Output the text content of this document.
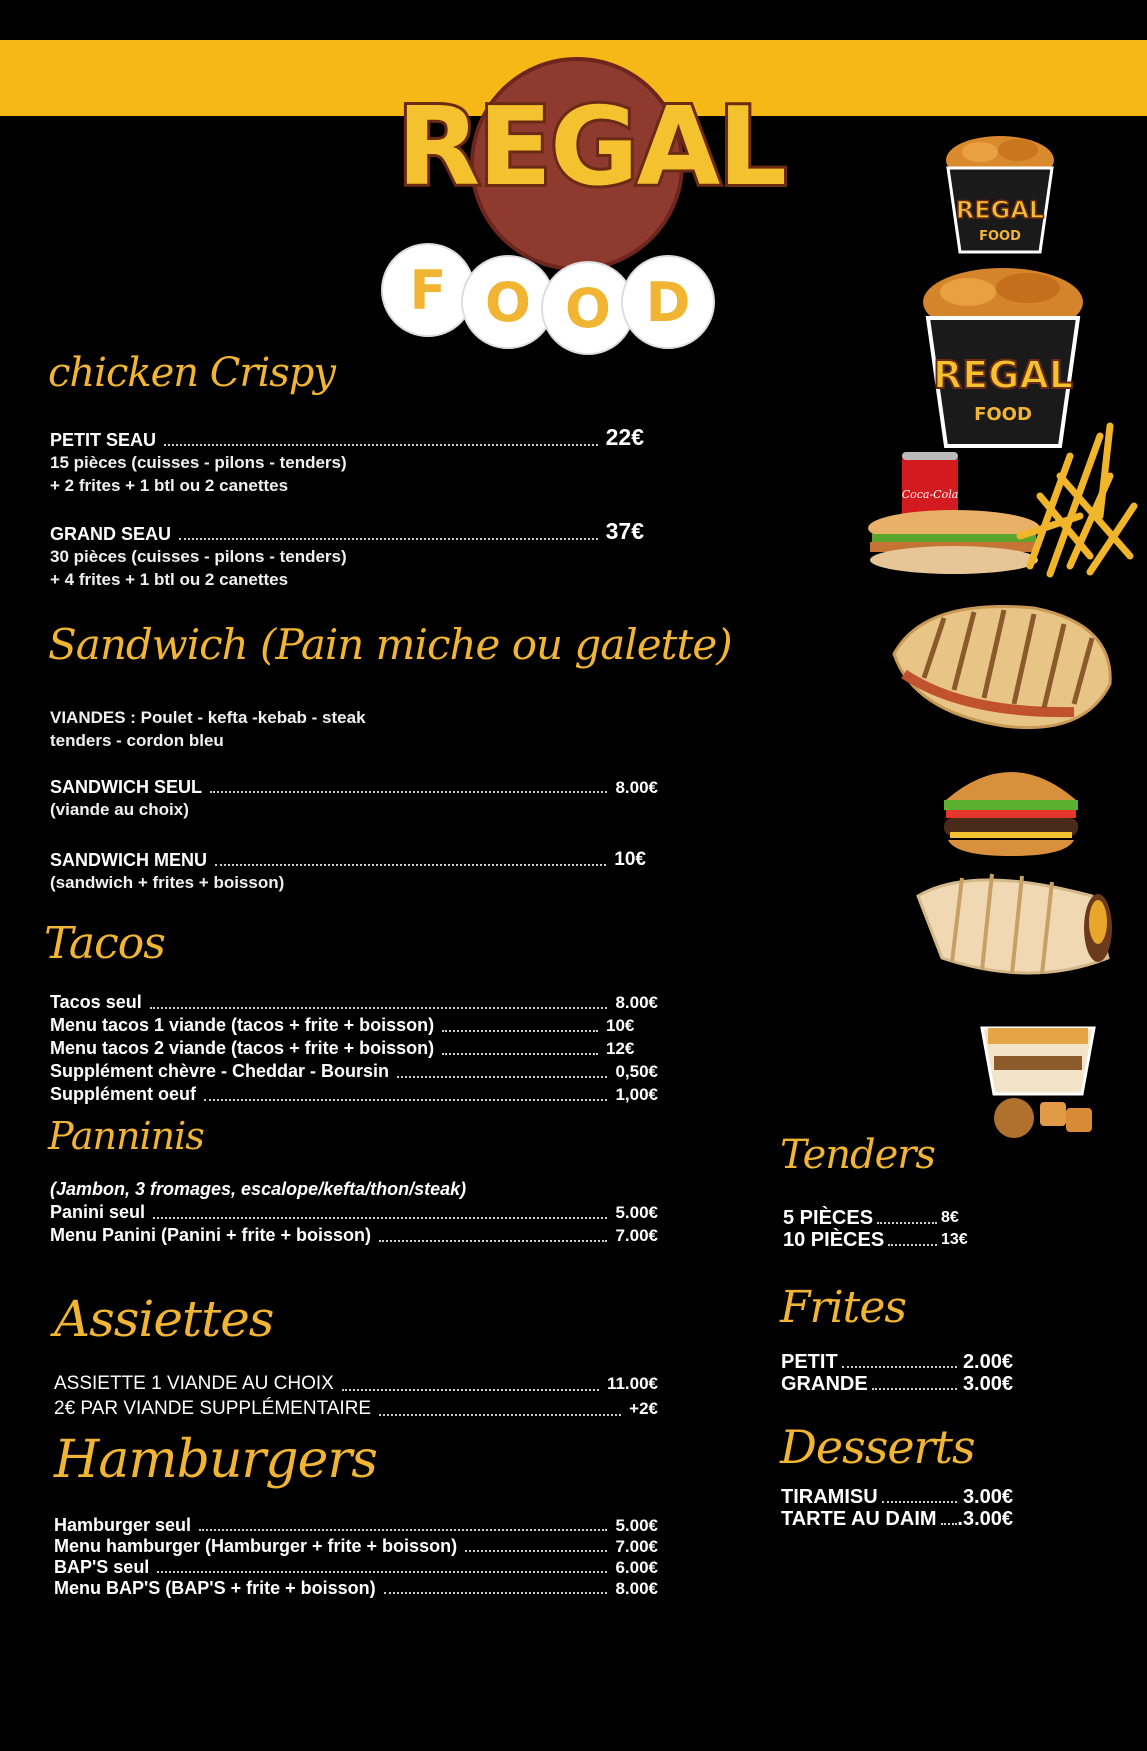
REGAL
F O O D
chicken Crispy
PETIT SEAU	22€
15 pièces (cuisses - pilons - tenders)
+ 2 frites + 1 btl ou 2 canettes
GRAND SEAU	37€
30 pièces (cuisses - pilons - tenders)
+ 4 frites + 1 btl ou 2 canettes
Sandwich (Pain miche ou galette)
VIANDES : Poulet - kefta -kebab - steak
tenders - cordon bleu
SANDWICH SEUL	8.00€
(viande au choix)
SANDWICH MENU	10€
(sandwich + frites + boisson)
Tacos
Tacos seul	8.00€
Menu tacos 1 viande (tacos + frite + boisson)	10€
Menu tacos 2 viande (tacos + frite + boisson)	12€
Supplément chèvre - Cheddar - Boursin	0,50€
Supplément oeuf	1,00€
Panninis
(Jambon, 3 fromages, escalope/kefta/thon/steak)
Panini seul	5.00€
Menu Panini (Panini + frite + boisson)	7.00€
Assiettes
ASSIETTE 1 VIANDE AU CHOIX	11.00€
2€ PAR VIANDE SUPPLÉMENTAIRE	+2€
Hamburgers
Hamburger seul	5.00€
Menu hamburger (Hamburger + frite + boisson)	7.00€
BAP'S seul	6.00€
Menu BAP'S (BAP'S + frite + boisson)	8.00€
Tenders
5 PIÈCES	8€
10 PIÈCES	13€
Frites
PETIT	2.00€
GRANDE	3.00€
Desserts
TIRAMISU	3.00€
TARTE AU DAIM .3.00€
REGAL
FOOD
REGAL
FOOD
Coca-Cola
